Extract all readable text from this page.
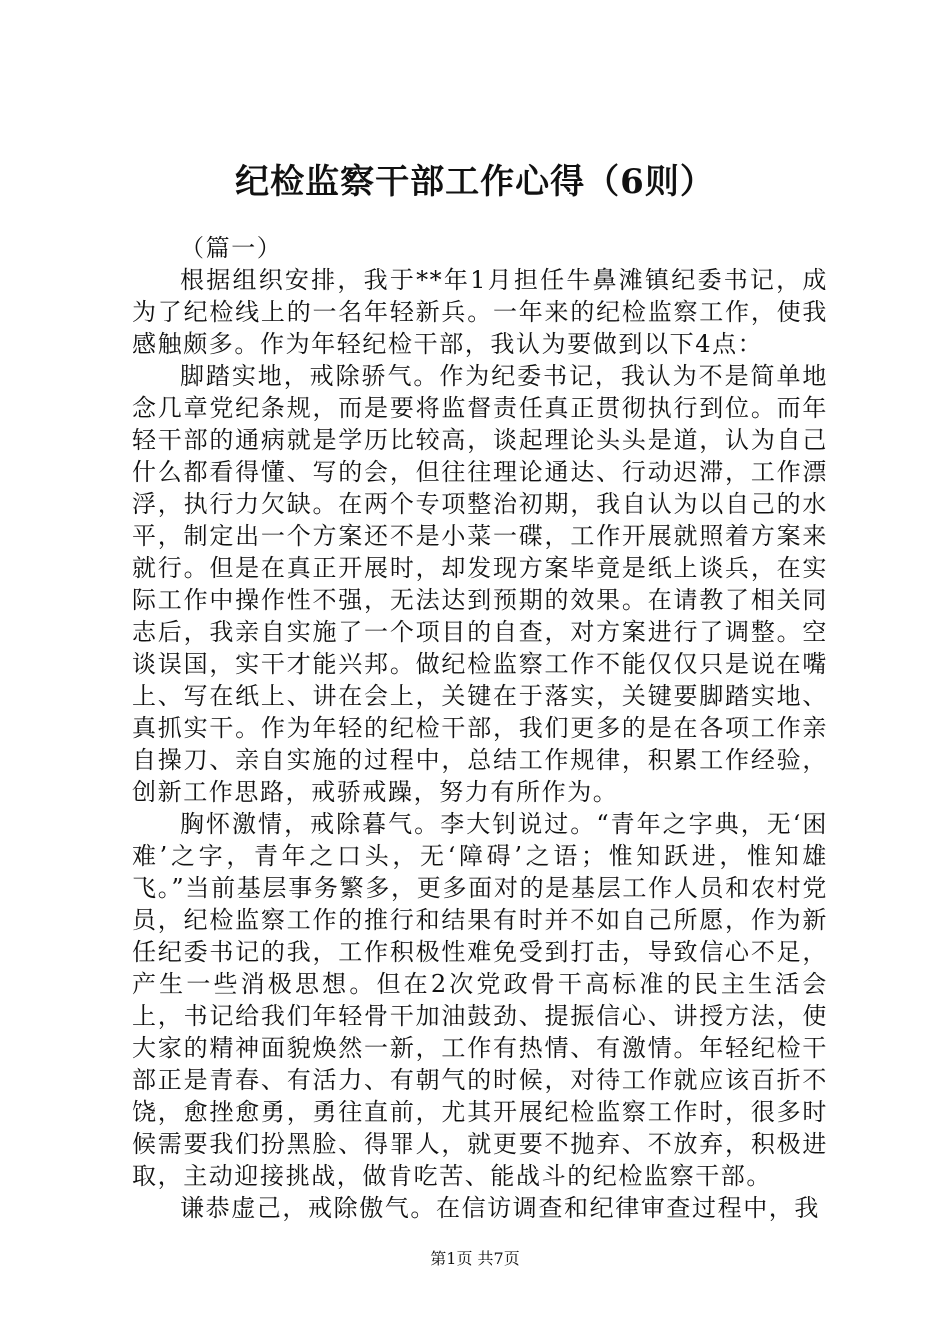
纪检监察干部工作心得（6则）

（篇一）

根据组织安排，我于**年1月担任牛鼻滩镇纪委书记，成为了纪检线上的一名年轻新兵。一年来的纪检监察工作，使我感触颇多。作为年轻纪检干部，我认为要做到以下4点：

脚踏实地，戒除骄气。作为纪委书记，我认为不是简单地念几章党纪条规，而是要将监督责任真正贯彻执行到位。而年轻干部的通病就是学历比较高，谈起理论头头是道，认为自己什么都看得懂、写的会，但往往理论通达、行动迟滞，工作漂浮，执行力欠缺。在两个专项整治初期，我自认为以自己的水平，制定出一个方案还不是小菜一碟，工作开展就照着方案来就行。但是在真正开展时，却发现方案毕竟是纸上谈兵，在实际工作中操作性不强，无法达到预期的效果。在请教了相关同志后，我亲自实施了一个项目的自查，对方案进行了调整。空谈误国，实干才能兴邦。做纪检监察工作不能仅仅只是说在嘴上、写在纸上、讲在会上，关键在于落实，关键要脚踏实地、真抓实干。作为年轻的纪检干部，我们更多的是在各项工作亲自操刀、亲自实施的过程中，总结工作规律，积累工作经验，创新工作思路，戒骄戒躁，努力有所作为。

胸怀激情，戒除暮气。李大钊说过。“青年之字典，无‘困难’之字，青年之口头，无‘障碍’之语；惟知跃进，惟知雄飞。”当前基层事务繁多，更多面对的是基层工作人员和农村党员，纪检监察工作的推行和结果有时并不如自己所愿，作为新任纪委书记的我，工作积极性难免受到打击，导致信心不足，产生一些消极思想。但在2次党政骨干高标准的民主生活会上，书记给我们年轻骨干加油鼓劲、提振信心、讲授方法，使大家的精神面貌焕然一新，工作有热情、有激情。年轻纪检干部正是青春、有活力、有朝气的时候，对待工作就应该百折不饶，愈挫愈勇，勇往直前，尤其开展纪检监察工作时，很多时候需要我们扮黑脸、得罪人，就更要不抛弃、不放弃，积极进取，主动迎接挑战，做肯吃苦、能战斗的纪检监察干部。

谦恭虚己，戒除傲气。在信访调查和纪律审查过程中，我

第1页 共7页
